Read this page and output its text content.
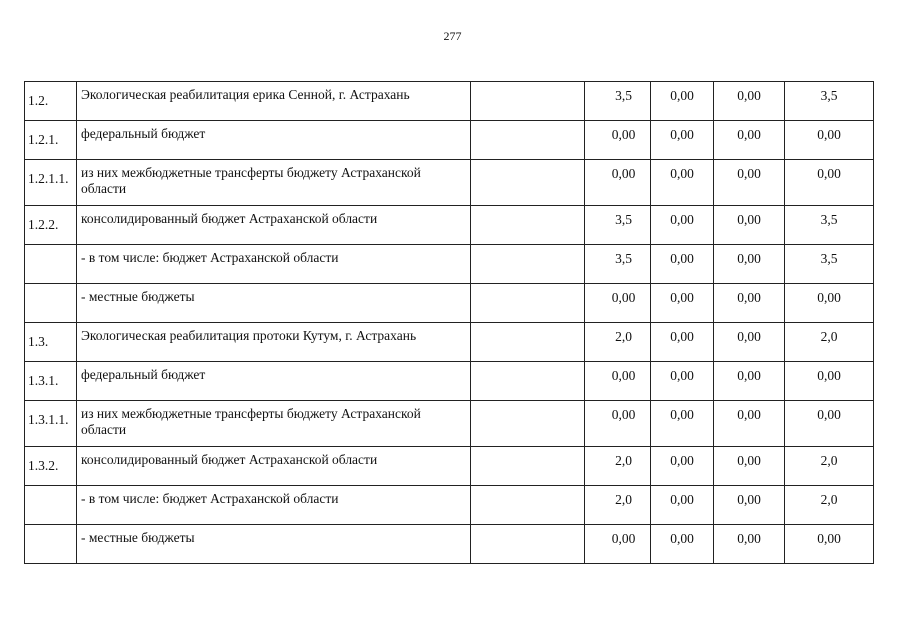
277
1.2.	Экологическая реабилитация ерика Сенной, г. Астрахань		3,5	0,00	0,00	3,5
1.2.1.	федеральный бюджет		0,00	0,00	0,00	0,00
1.2.1.1.	из них межбюджетные трансферты бюджету Астраханской области		0,00	0,00	0,00	0,00
1.2.2.	консолидированный бюджет Астраханской области		3,5	0,00	0,00	3,5
	- в том числе: бюджет Астраханской области		3,5	0,00	0,00	3,5
	- местные бюджеты		0,00	0,00	0,00	0,00
1.3.	Экологическая реабилитация протоки Кутум, г. Астрахань		2,0	0,00	0,00	2,0
1.3.1.	федеральный бюджет		0,00	0,00	0,00	0,00
1.3.1.1.	из них межбюджетные трансферты бюджету Астраханской области		0,00	0,00	0,00	0,00
1.3.2.	консолидированный бюджет Астраханской области		2,0	0,00	0,00	2,0
	- в том числе: бюджет Астраханской области		2,0	0,00	0,00	2,0
	- местные бюджеты		0,00	0,00	0,00	0,00
